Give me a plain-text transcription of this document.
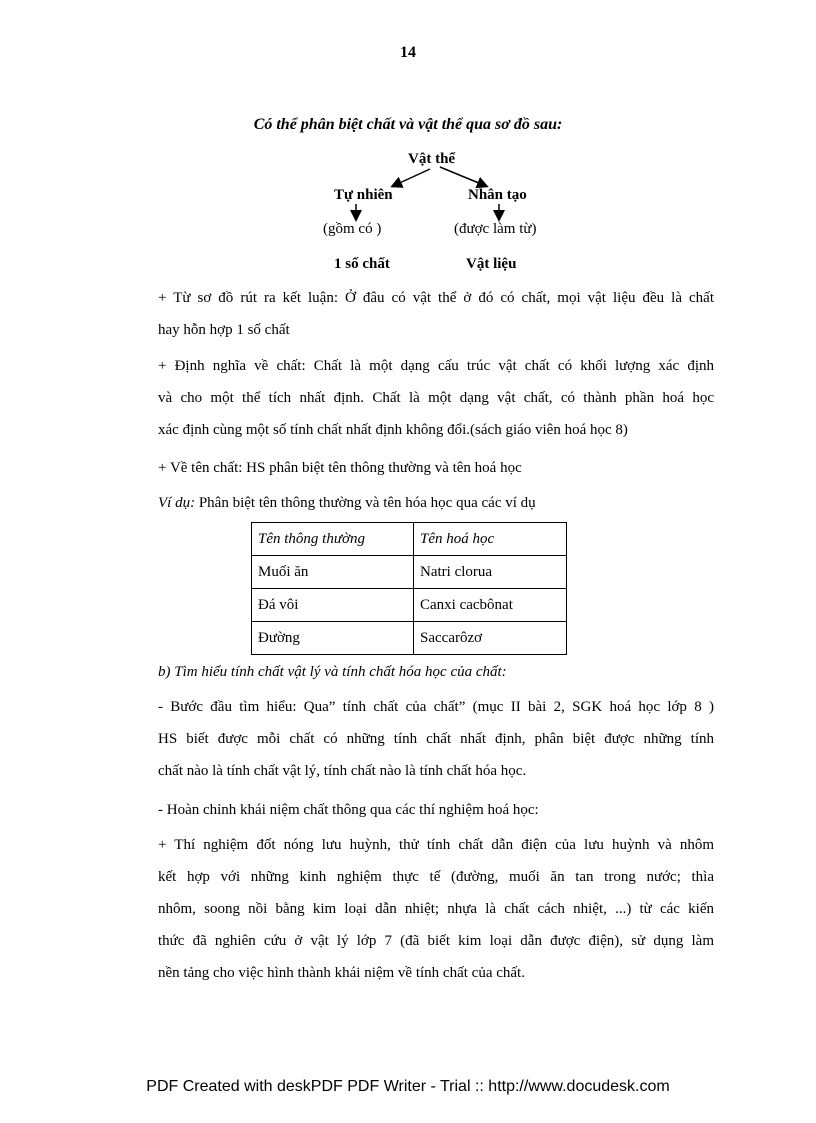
14
Có thể phân biệt chất và vật thể qua sơ đồ sau:
Vật thể
Tự nhiên	Nhân tạo
(gồm có )	(được làm từ)
1 số chất	Vật liệu
+ Từ sơ đồ rút ra kết luận: Ở đâu có vật thể ở đó có chất, mọi vật liệu đều là chất
hay hỗn hợp 1 số chất
+ Định nghĩa về chất: Chất là một dạng cấu trúc vật chất có khối lượng xác định
và cho một thể tích nhất định. Chất là một dạng vật chất, có thành phần hoá học
xác định cùng một số tính chất nhất định không đổi.(sách giáo viên hoá học 8)
+ Về tên chất: HS phân biệt tên thông thường và tên hoá học
Ví dụ: Phân biệt tên thông thường và tên hóa học qua các ví dụ
Tên thông thường	Tên hoá học
Muối ăn	Natri clorua
Đá vôi	Canxi cacbônat
Đường	Saccarôzơ
b) Tìm hiểu tính chất vật lý và tính chất hóa học của chất:
- Bước đầu tìm hiểu: Qua” tính chất của chất” (mục II bài 2, SGK hoá học lớp 8 )
HS biết được mỗi chất có những tính chất nhất định, phân biệt được những tính
chất nào là tính chất vật lý, tính chất nào là tính chất hóa học.
- Hoàn chỉnh khái niệm chất thông qua các thí nghiệm hoá học:
+ Thí nghiệm đốt nóng lưu huỳnh, thử tính chất dẫn điện của lưu huỳnh và nhôm
kết hợp với những kinh nghiệm thực tế (đường, muối ăn tan trong nước; thìa
nhôm, soong nồi bằng kim loại dẫn nhiệt; nhựa là chất cách nhiệt, ...) từ các kiến
thức đã nghiên cứu ở vật lý lớp 7 (đã biết kim loại dẫn được điện), sử dụng làm
nền tảng cho việc hình thành khái niệm về tính chất của chất.
PDF Created with deskPDF PDF Writer - Trial :: http://www.docudesk.com
